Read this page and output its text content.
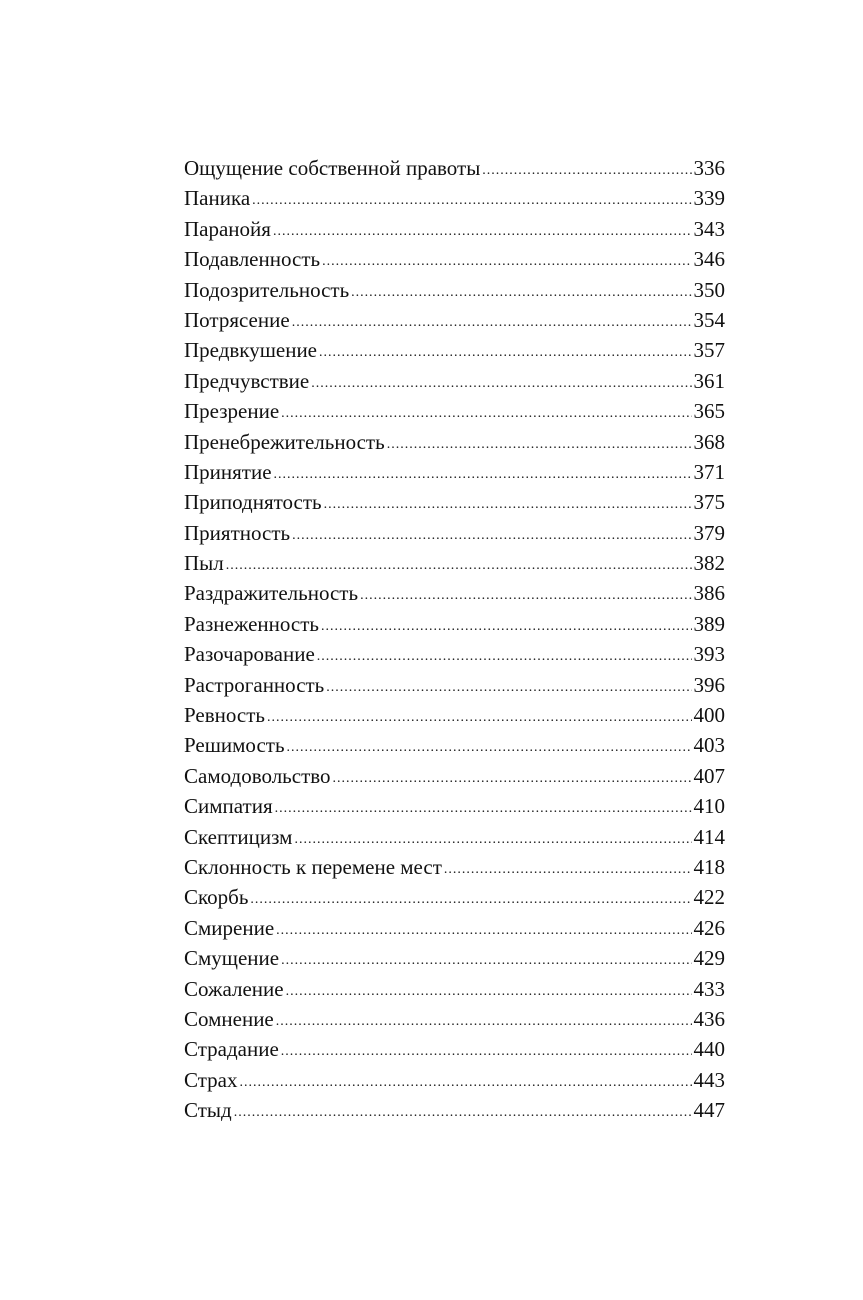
Ощущение собственной правоты .....	336
Паника .....	339
Паранойя .....	343
Подавленность .....	346
Подозрительность .....	350
Потрясение .....	354
Предвкушение .....	357
Предчувствие .....	361
Презрение .....	365
Пренебрежительность .....	368
Принятие .....	371
Приподнятость .....	375
Приятность .....	379
Пыл .....	382
Раздражительность .....	386
Разнеженность .....	389
Разочарование .....	393
Растроганность .....	396
Ревность .....	400
Решимость .....	403
Самодовольство .....	407
Симпатия .....	410
Скептицизм .....	414
Склонность к перемене мест .....	418
Скорбь .....	422
Смирение .....	426
Смущение .....	429
Сожаление .....	433
Сомнение .....	436
Страдание .....	440
Страх .....	443
Стыд .....	447
